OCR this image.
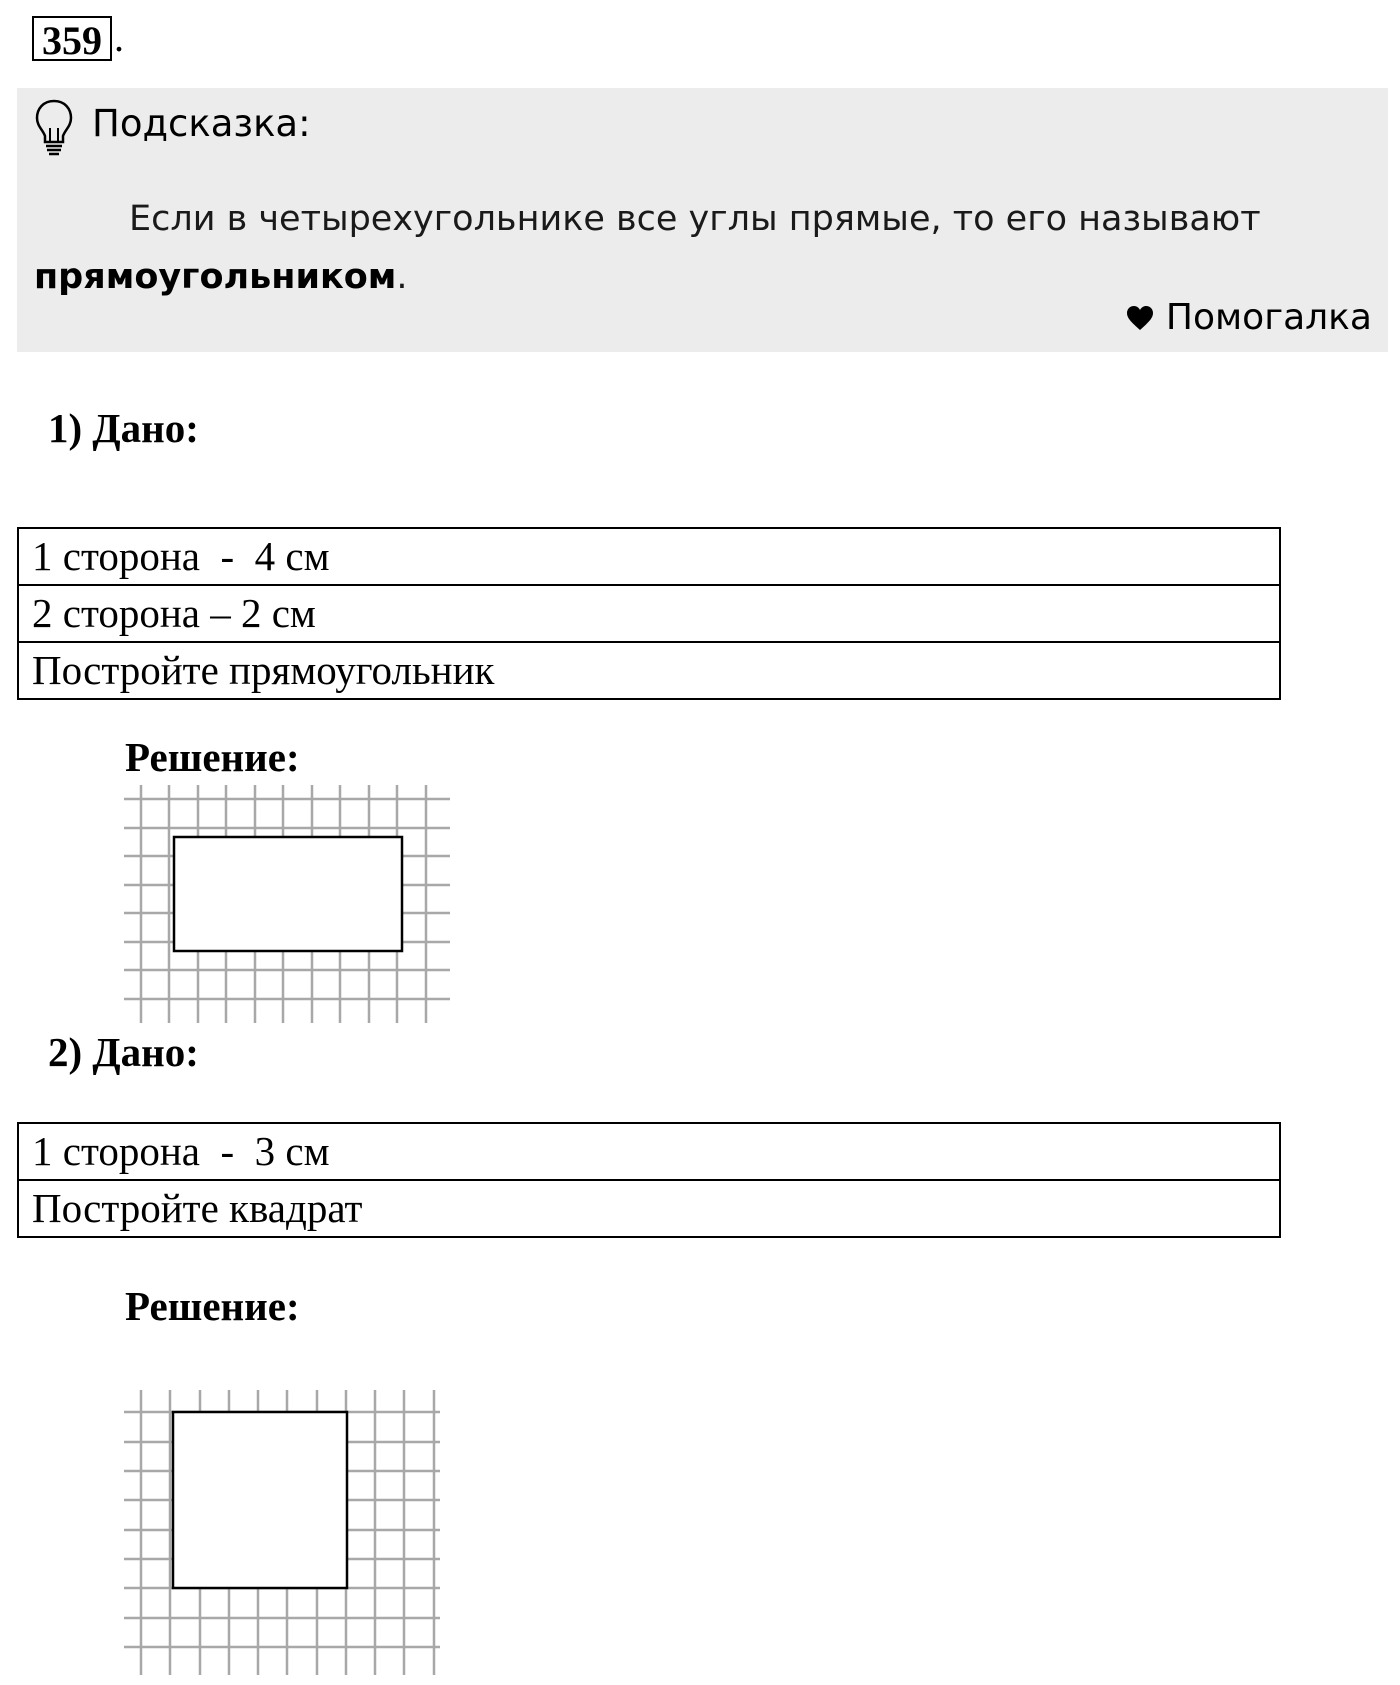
359 .
Подсказка:
Если в четырехугольнике все углы прямые, то его называют прямоугольником.
Помогалка
1) Дано:
1 сторона  -  4 см
2 сторона – 2 см
Постройте прямоугольник
Решение:
2) Дано:
1 сторона  -  3 см
Постройте квадрат
Решение:
